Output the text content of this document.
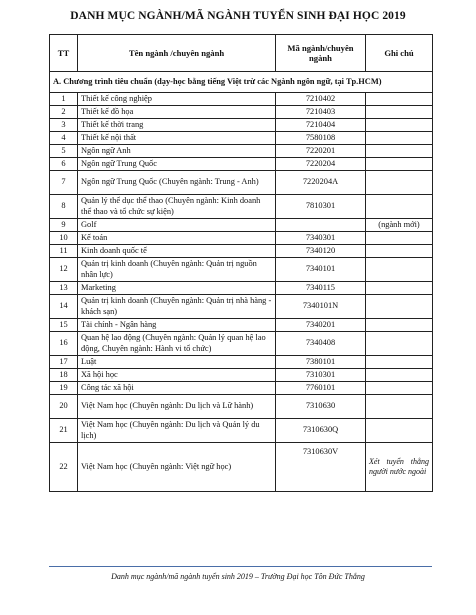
DANH MỤC NGÀNH/MÃ NGÀNH TUYỂN SINH ĐẠI HỌC 2019
TT	Tên ngành /chuyên ngành	Mã ngành/chuyên ngành	Ghi chú
A. Chương trình tiêu chuẩn (dạy-học bằng tiếng Việt trừ các Ngành ngôn ngữ, tại Tp.HCM)			
1	Thiết kế công nghiệp	7210402	
2	Thiết kế đồ họa	7210403	
3	Thiết kế thời trang	7210404	
4	Thiết kế nội thất	7580108	
5	Ngôn ngữ Anh	7220201	
6	Ngôn ngữ Trung Quốc	7220204	
7	Ngôn ngữ Trung Quốc (Chuyên ngành: Trung - Anh)	7220204A	
8	Quản lý thể dục thể thao (Chuyên ngành: Kinh doanh thể thao và tổ chức sự kiện)	7810301	
9	Golf		(ngành mới)
10	Kế toán	7340301	
11	Kinh doanh quốc tế	7340120	
12	Quản trị kinh doanh (Chuyên ngành: Quản trị nguồn nhân lực)	7340101	
13	Marketing	7340115	
14	Quản trị kinh doanh (Chuyên ngành: Quản trị nhà hàng - khách sạn)	7340101N	
15	Tài chính - Ngân hàng	7340201	
16	Quan hệ lao động (Chuyên ngành: Quản lý quan hệ lao động, Chuyên ngành: Hành vi tổ chức)	7340408	
17	Luật	7380101	
18	Xã hội học	7310301	
19	Công tác xã hội	7760101	
20	Việt Nam học (Chuyên ngành: Du lịch và Lữ hành)	7310630	
21	Việt Nam học (Chuyên ngành: Du lịch và Quản lý du lịch)	7310630Q	
22	Việt Nam học (Chuyên ngành: Việt ngữ học)	7310630V	Xét tuyển thẳng người nước ngoài
Danh mục ngành/mã ngành tuyển sinh 2019 – Trường Đại học Tôn Đức Thắng
